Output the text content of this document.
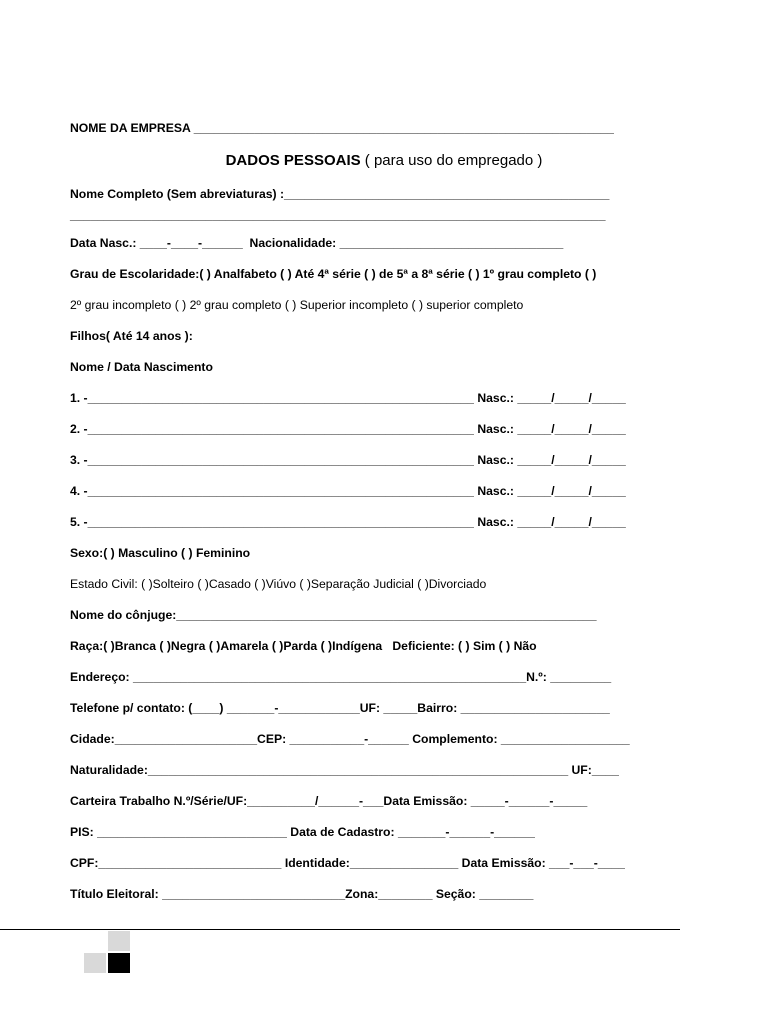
NOME DA EMPRESA ______________________________________________________________
DADOS PESSOAIS ( para uso do empregado )
Nome Completo (Sem abreviaturas) :________________________________________________
_______________________________________________________________________________
Data Nasc.: ____-____-______  Nacionalidade: _________________________________
Grau de Escolaridade:( ) Analfabeto ( ) Até 4ª série ( ) de 5ª a 8ª série ( ) 1º grau completo ( )
2º grau incompleto ( ) 2º grau completo ( ) Superior incompleto ( ) superior completo
Filhos( Até 14 anos ):
Nome / Data Nascimento
1. -_________________________________________________________ Nasc.: _____/_____/_____
2. -_________________________________________________________ Nasc.: _____/_____/_____
3. -_________________________________________________________ Nasc.: _____/_____/_____
4. -_________________________________________________________ Nasc.: _____/_____/_____
5. -_________________________________________________________ Nasc.: _____/_____/_____
Sexo:( ) Masculino ( ) Feminino
Estado Civil: ( )Solteiro ( )Casado ( )Viúvo ( )Separação Judicial ( )Divorciado
Nome do cônjuge:______________________________________________________________
Raça:( )Branca ( )Negra ( )Amarela ( )Parda ( )Indígena   Deficiente: ( ) Sim ( ) Não
Endereço: __________________________________________________________N.º: _________
Telefone p/ contato: (____) _______-____________UF: _____Bairro: ______________________
Cidade:_____________________CEP: ___________-______ Complemento: ___________________
Naturalidade:______________________________________________________________ UF:____
Carteira Trabalho N.º/Série/UF:__________/______-___Data Emissão: _____-______-_____
PIS: ____________________________ Data de Cadastro: _______-______-______
CPF:___________________________ Identidade:________________ Data Emissão: ___-___-____
Título Eleitoral: ___________________________Zona:________ Seção: ________
